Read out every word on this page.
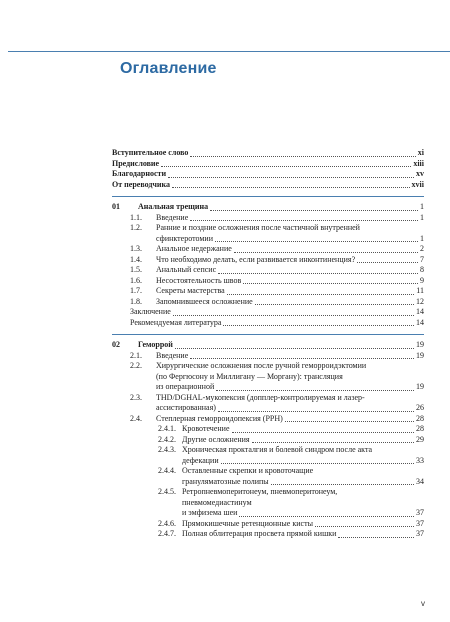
Оглавление
Вступительное слово	xi
Предисловие	xiii
Благодарности	xv
От переводчика	xvii
01	Анальная трещина	1
1.1.	Введение	1
1.2.	Ранние и поздние осложнения после частичной внутренней
сфинктеротомии	1
1.3.	Анальное недержание	2
1.4.	Что необходимо делать, если развивается инконтиненция?	7
1.5.	Анальный сепсис	8
1.6.	Несостоятельность швов	9
1.7.	Секреты мастерства	11
1.8.	Запомнившееся осложнение	12
Заключение	14
Рекомендуемая литература	14
02	Геморрой	19
2.1.	Введение	19
2.2.	Хирургические осложнения после ручной геморроидэктомии
(по Фергюсону и Миллигану — Моргану): трансляция
из операционной	19
2.3.	THD/DGHAL-мукопексия (допплер-контролируемая и лазер-
ассистированная)	26
2.4.	Степлерная геморроидопексия (PPH)	28
2.4.1. Кровотечение	28
2.4.2. Другие осложнения	29
2.4.3. Хроническая прокталгия и болевой синдром после акта
дефекации	33
2.4.4. Оставленные скрепки и кровоточащие
грануляматозные полипы	34
2.4.5. Ретропневмоперитонеум, пневмоперитонеум,
пневмомедиастинум
и эмфизема шеи	37
2.4.6. Прямокишечные ретенционные кисты	37
2.4.7. Полная облитерация просвета прямой кишки	37
v
